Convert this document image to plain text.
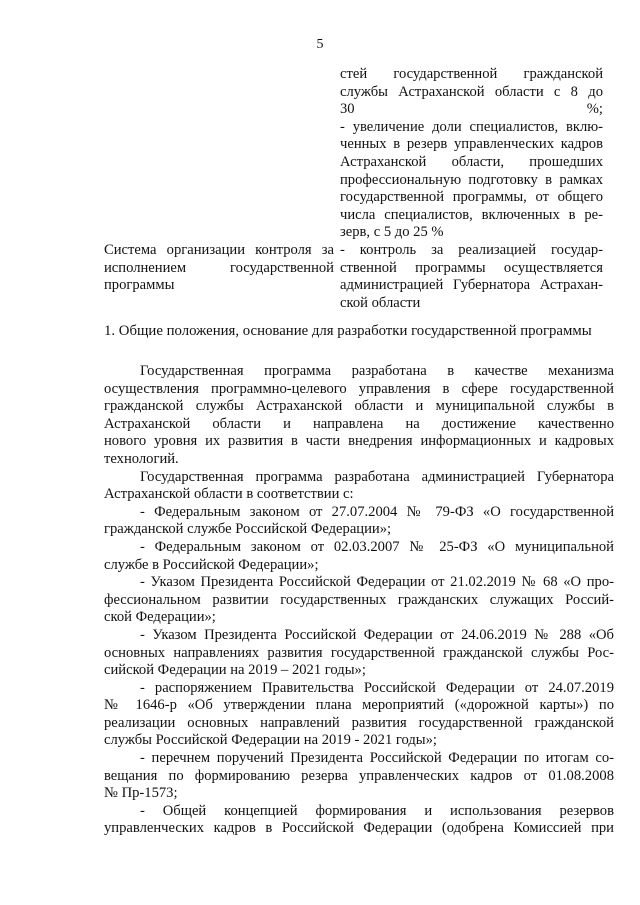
5
стей государственной гражданской
службы Астраханской области с 8 до
30 %;
- увеличение доли специалистов, вклю-
ченных в резерв управленческих кадров
Астраханской области, прошедших
профессиональную подготовку в рамках
государственной программы, от общего
числа специалистов, включенных в ре-
зерв, с 5 до 25 %
Система организации контроля за
исполнением государственной
программы
- контроль за реализацией государ-
ственной программы осуществляется
администрацией Губернатора Астрахан-
ской области
1. Общие положения, основание для разработки государственной программы

Государственная программа разработана в качестве механизма
осуществления программно-целевого управления в сфере государственной
гражданской службы Астраханской области и муниципальной службы в
Астраханской области и направлена на достижение качественно
нового уровня их развития в части внедрения информационных и кадровых
технологий.

Государственная программа разработана администрацией Губернатора
Астраханской области в соответствии с:

- Федеральным законом от 27.07.2004 № 79-ФЗ «О государственной
гражданской службе Российской Федерации»;

- Федеральным законом от 02.03.2007 № 25-ФЗ «О муниципальной
службе в Российской Федерации»;

- Указом Президента Российской Федерации от 21.02.2019 № 68 «О про-
фессиональном развитии государственных гражданских служащих Россий-
ской Федерации»;

- Указом Президента Российской Федерации от 24.06.2019 № 288 «Об
основных направлениях развития государственной гражданской службы Рос-
сийской Федерации на 2019 – 2021 годы»;

- распоряжением Правительства Российской Федерации от 24.07.2019
№ 1646-р «Об утверждении плана мероприятий («дорожной карты») по
реализации основных направлений развития государственной гражданской
службы Российской Федерации на 2019 - 2021 годы»;

- перечнем поручений Президента Российской Федерации по итогам со-
вещания по формированию резерва управленческих кадров от 01.08.2008
№ Пр-1573;

- Общей концепцией формирования и использования резервов
управленческих кадров в Российской Федерации (одобрена Комиссией при
